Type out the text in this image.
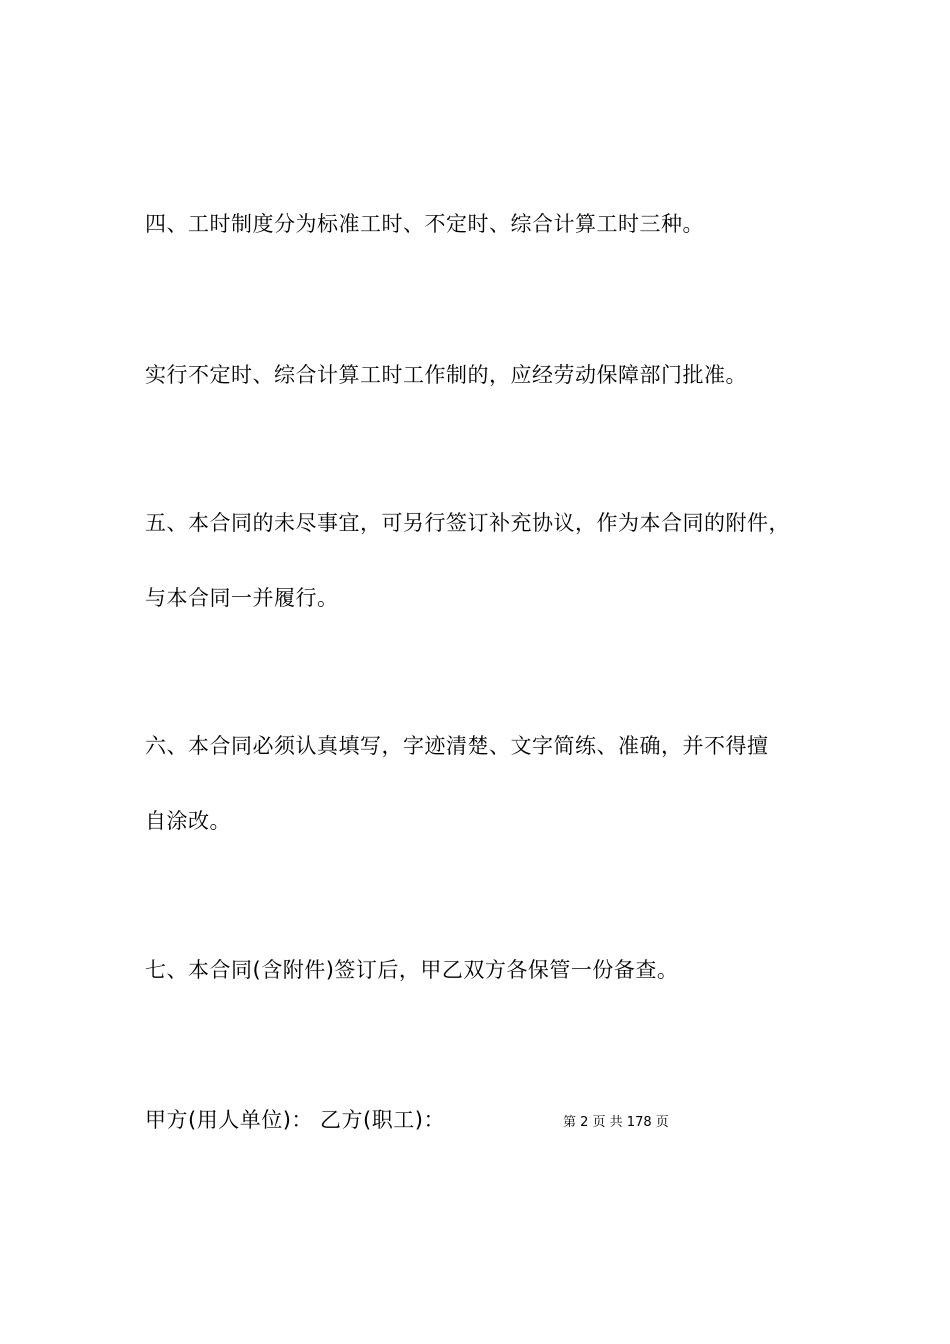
四、工时制度分为标准工时、不定时、综合计算工时三种。
实行不定时、综合计算工时工作制的，应经劳动保障部门批准。
五、本合同的未尽事宜，可另行签订补充协议，作为本合同的附件，
与本合同一并履行。
六、本合同必须认真填写，字迹清楚、文字简练、准确，并不得擅
自涂改。
七、本合同(含附件)签订后，甲乙双方各保管一份备查。
甲方(用人单位)： 乙方(职工)：	第 2 页 共 178 页
